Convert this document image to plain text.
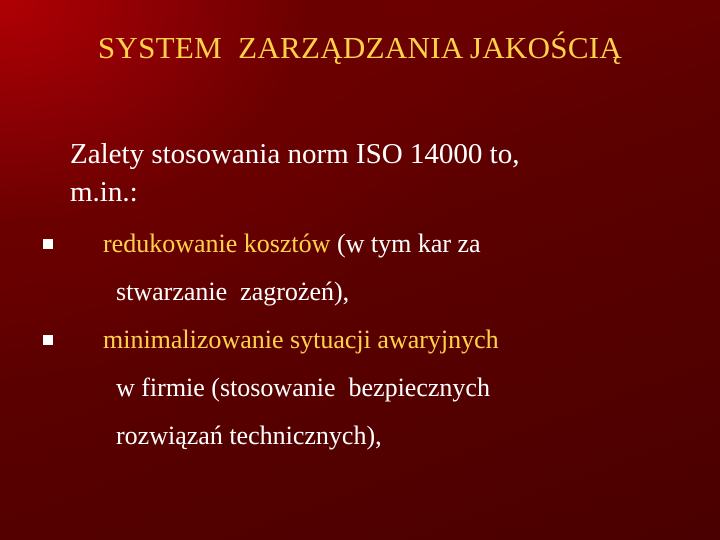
SYSTEM  ZARZĄDZANIA JAKOŚCIĄ
Zalety stosowania norm ISO 14000 to,
m.in.:
redukowanie kosztów (w tym kar za
stwarzanie  zagrożeń),
minimalizowanie sytuacji awaryjnych
w firmie (stosowanie  bezpiecznych
rozwiązań technicznych),
